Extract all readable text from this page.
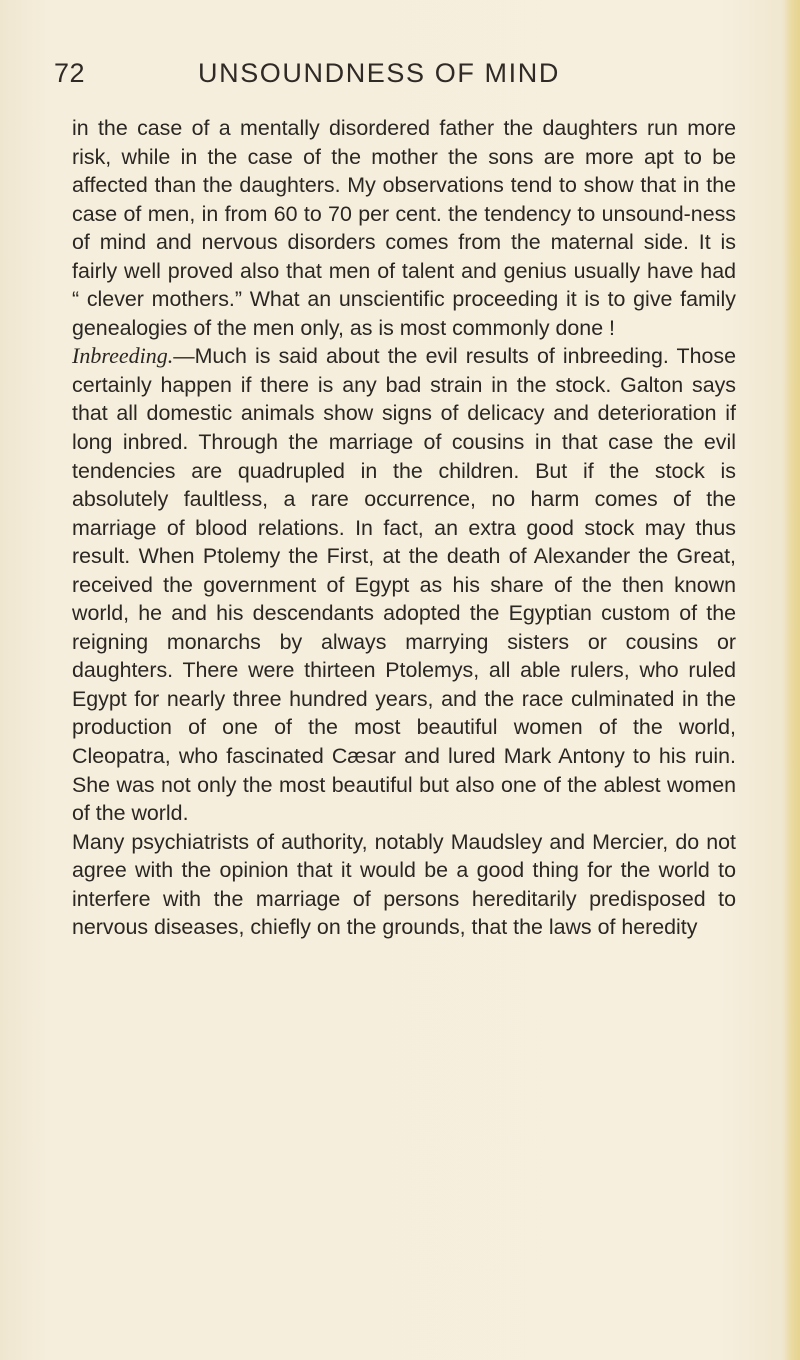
72	UNSOUNDNESS OF MIND

in the case of a mentally disordered father the daughters run more risk, while in the case of the mother the sons are more apt to be affected than the daughters. My observations tend to show that in the case of men, in from 60 to 70 per cent. the tendency to unsound-ness of mind and nervous disorders comes from the maternal side. It is fairly well proved also that men of talent and genius usually have had “ clever mothers.” What an unscientific proceeding it is to give family genealogies of the men only, as is most commonly done !

Inbreeding.—Much is said about the evil results of inbreeding. Those certainly happen if there is any bad strain in the stock. Galton says that all domestic animals show signs of delicacy and deterioration if long inbred. Through the marriage of cousins in that case the evil tendencies are quadrupled in the children. But if the stock is absolutely faultless, a rare occurrence, no harm comes of the marriage of blood relations. In fact, an extra good stock may thus result. When Ptolemy the First, at the death of Alexander the Great, received the government of Egypt as his share of the then known world, he and his descendants adopted the Egyptian custom of the reigning monarchs by always marrying sisters or cousins or daughters. There were thirteen Ptolemys, all able rulers, who ruled Egypt for nearly three hundred years, and the race culminated in the production of one of the most beautiful women of the world, Cleopatra, who fascinated Cæsar and lured Mark Antony to his ruin. She was not only the most beautiful but also one of the ablest women of the world.

Many psychiatrists of authority, notably Maudsley and Mercier, do not agree with the opinion that it would be a good thing for the world to interfere with the marriage of persons hereditarily predisposed to nervous diseases, chiefly on the grounds, that the laws of heredity
